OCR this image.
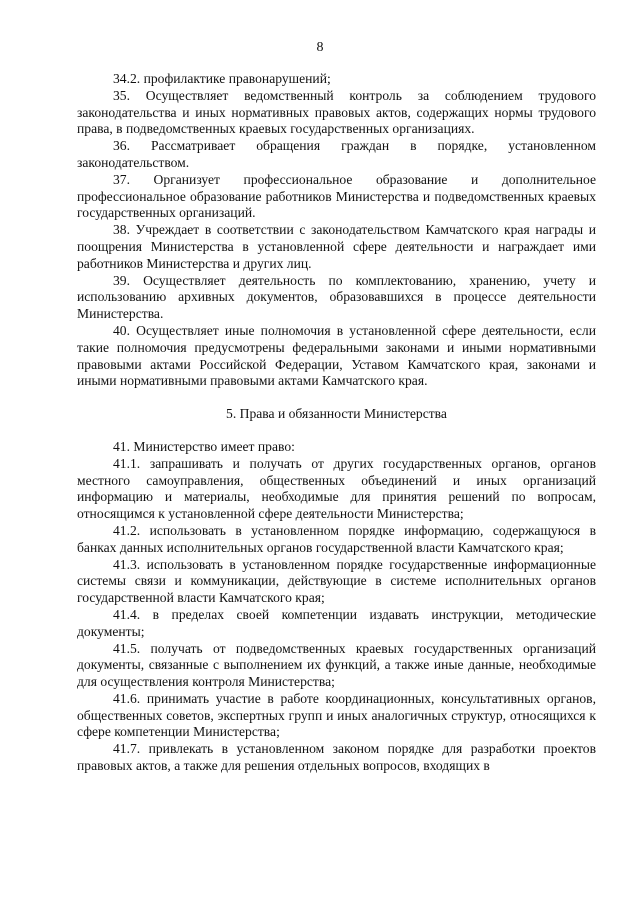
8

34.2. профилактике правонарушений;

35. Осуществляет ведомственный контроль за соблюдением трудового законодательства и иных нормативных правовых актов, содержащих нормы трудового права, в подведомственных краевых государственных организациях.

36. Рассматривает обращения граждан в порядке, установленном законодательством.

37. Организует профессиональное образование и дополнительное профессиональное образование работников Министерства и подведомственных краевых государственных организаций.

38. Учреждает в соответствии с законодательством Камчатского края награды и поощрения Министерства в установленной сфере деятельности и награждает ими работников Министерства и других лиц.

39. Осуществляет деятельность по комплектованию, хранению, учету и использованию архивных документов, образовавшихся в процессе деятельности Министерства.

40. Осуществляет иные полномочия в установленной сфере деятельности, если такие полномочия предусмотрены федеральными законами и иными нормативными правовыми актами Российской Федерации, Уставом Камчатского края, законами и иными нормативными правовыми актами Камчатского края.

5. Права и обязанности Министерства

41. Министерство имеет право:

41.1. запрашивать и получать от других государственных органов, органов местного самоуправления, общественных объединений и иных организаций информацию и материалы, необходимые для принятия решений по вопросам, относящимся к установленной сфере деятельности Министерства;

41.2. использовать в установленном порядке информацию, содержащуюся в банках данных исполнительных органов государственной власти Камчатского края;

41.3. использовать в установленном порядке государственные информационные системы связи и коммуникации, действующие в системе исполнительных органов государственной власти Камчатского края;

41.4. в пределах своей компетенции издавать инструкции, методические документы;

41.5. получать от подведомственных краевых государственных организаций документы, связанные с выполнением их функций, а также иные данные, необходимые для осуществления контроля Министерства;

41.6. принимать участие в работе координационных, консультативных органов, общественных советов, экспертных групп и иных аналогичных структур, относящихся к сфере компетенции Министерства;

41.7. привлекать в установленном законом порядке для разработки проектов правовых актов, а также для решения отдельных вопросов, входящих в
